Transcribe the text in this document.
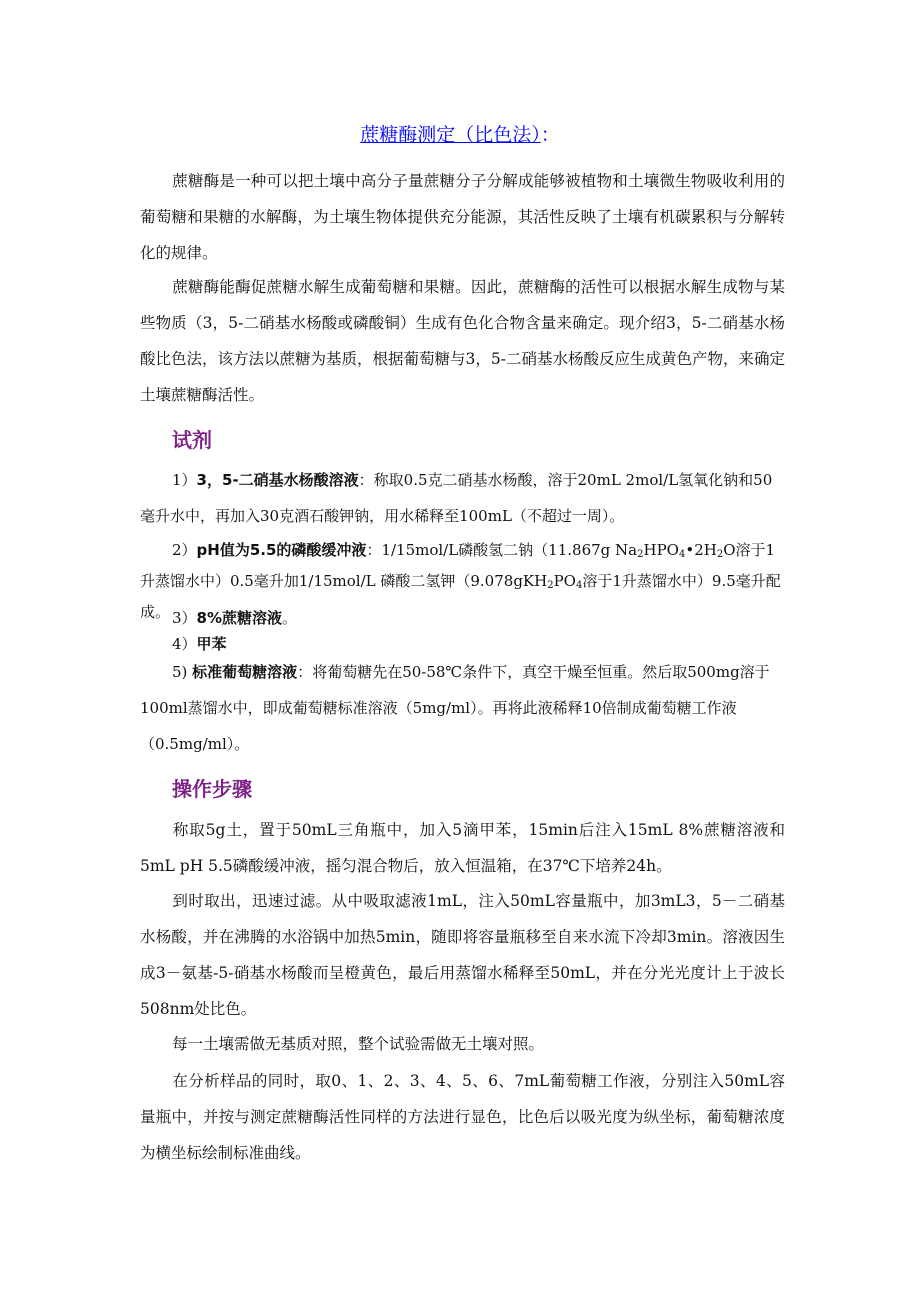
蔗糖酶测定（比色法）：

蔗糖酶是一种可以把土壤中高分子量蔗糖分子分解成能够被植物和土壤微生物吸收利用的葡萄糖和果糖的水解酶，为土壤生物体提供充分能源，其活性反映了土壤有机碳累积与分解转化的规律。

蔗糖酶能酶促蔗糖水解生成葡萄糖和果糖。因此，蔗糖酶的活性可以根据水解生成物与某些物质（3，5-二硝基水杨酸或磷酸铜）生成有色化合物含量来确定。现介绍3，5-二硝基水杨酸比色法，该方法以蔗糖为基质，根据葡萄糖与3，5-二硝基水杨酸反应生成黄色产物，来确定土壤蔗糖酶活性。

试剂

1）3，5-二硝基水杨酸溶液：称取0.5克二硝基水杨酸，溶于20mL 2mol/L氢氧化钠和50毫升水中，再加入30克酒石酸钾钠，用水稀释至100mL（不超过一周）。

2）pH值为5.5的磷酸缓冲液：1/15mol/L磷酸氢二钠（11.867g $Na_2HPO_4•2H_2O$溶于1升蒸馏水中）0.5毫升加1/15mol/L 磷酸二氢钾（$9.078gKH_2PO_4$溶于1升蒸馏水中）9.5毫升配成。 3）8%蔗糖溶液。

4）甲苯

5) 标准葡萄糖溶液：将葡萄糖先在50-58℃条件下，真空干燥至恒重。然后取500mg溶于100ml蒸馏水中，即成葡萄糖标准溶液（5mg/ml）。再将此液稀释10倍制成葡萄糖工作液（0.5mg/ml）。

操作步骤

称取5g土，置于50mL三角瓶中，加入5滴甲苯，15min后注入15mL 8%蔗糖溶液和5mL pH 5.5磷酸缓冲液，摇匀混合物后，放入恒温箱，在37℃下培养24h。

到时取出，迅速过滤。从中吸取滤液1mL，注入50mL容量瓶中，加3mL3，5－二硝基水杨酸，并在沸腾的水浴锅中加热5min，随即将容量瓶移至自来水流下冷却3min。溶液因生成3－氨基-5-硝基水杨酸而呈橙黄色，最后用蒸馏水稀释至50mL，并在分光光度计上于波长508nm处比色。

每一土壤需做无基质对照，整个试验需做无土壤对照。

在分析样品的同时，取0、1、2、3、4、5、6、7mL葡萄糖工作液，分别注入50mL容量瓶中，并按与测定蔗糖酶活性同样的方法进行显色，比色后以吸光度为纵坐标，葡萄糖浓度为横坐标绘制标准曲线。
